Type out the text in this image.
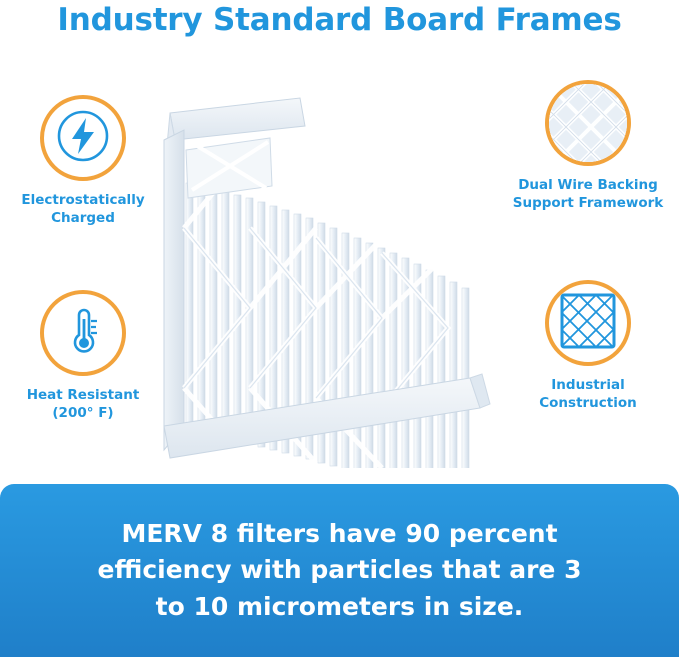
Industry Standard Board Frames
Electrostatically
Charged
Heat Resistant
(200° F)
Dual Wire Backing
Support Framework
Industrial
Construction

MERV 8 filters have 90 percent
efficiency with particles that are 3
to 10 micrometers in size.
